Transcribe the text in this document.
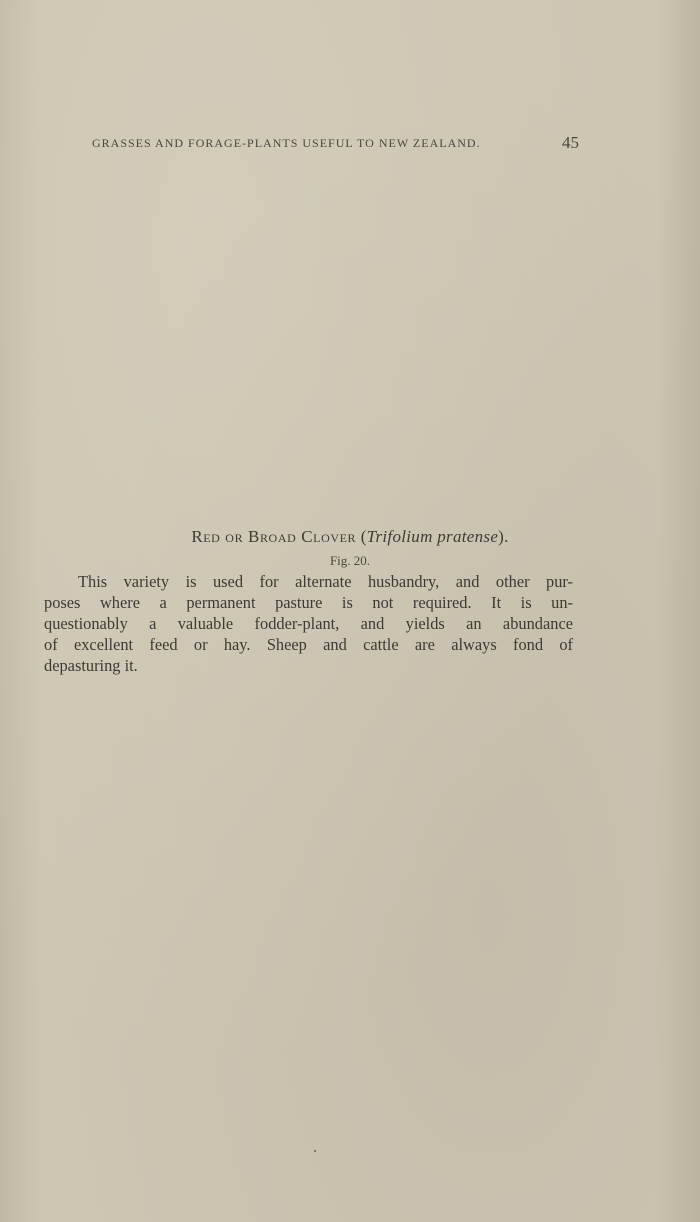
GRASSES AND FORAGE-PLANTS USEFUL TO NEW ZEALAND.	45
Red or Broad Clover (Trifolium pratense).
Fig. 20.
This variety is used for alternate husbandry, and other pur-
poses where a permanent pasture is not required. It is un-
questionably a valuable fodder-plant, and yields an abundance
of excellent feed or hay. Sheep and cattle are always fond of
depasturing it.
